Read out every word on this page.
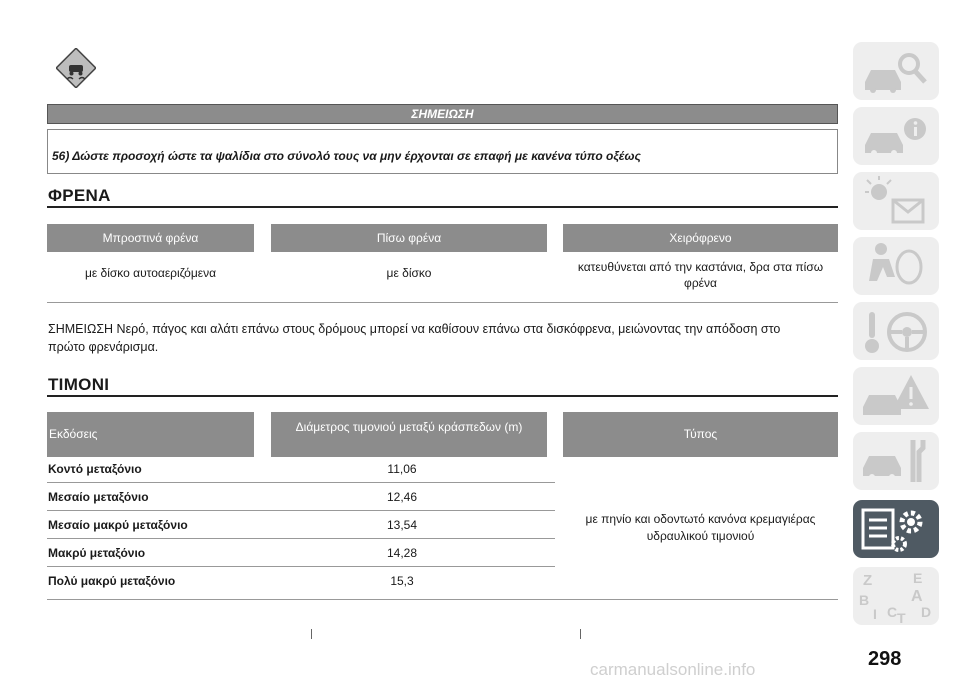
ΣΗΜΕΙΩΣΗ
56) Δώστε προσοχή ώστε τα ψαλίδια στο σύνολό τους να μην έρχονται σε επαφή με κανένα τύπο οξέως
ΦΡΕΝΑ
Μπροστινά φρένα	Πίσω φρένα	Χειρόφρενο
με δίσκο αυτοαεριζόμενα	με δίσκο	κατευθύνεται από την καστάνια, δρα στα πίσω φρένα
ΣΗΜΕΙΩΣΗ Νερό, πάγος και αλάτι επάνω στους δρόμους μπορεί να καθίσουν επάνω στα δισκόφρενα, μειώνοντας την απόδοση στο πρώτο φρενάρισμα.
ΤΙΜΟΝΙ
Εκδόσεις	Διάμετρος τιμονιού μεταξύ κράσπεδων (m)	Τύπος
Κοντό μεταξόνιο	11,06
Μεσαίο μεταξόνιο	12,46
Μεσαίο μακρύ μεταξόνιο	13,54
Μακρύ μεταξόνιο	14,28
Πολύ μακρύ μεταξόνιο	15,3
με πηνίο και οδοντωτό κανόνα κρεμαγιέρας υδραυλικού τιμονιού
Z	E
B	A
I C T D
298
carmanualsonline.info
